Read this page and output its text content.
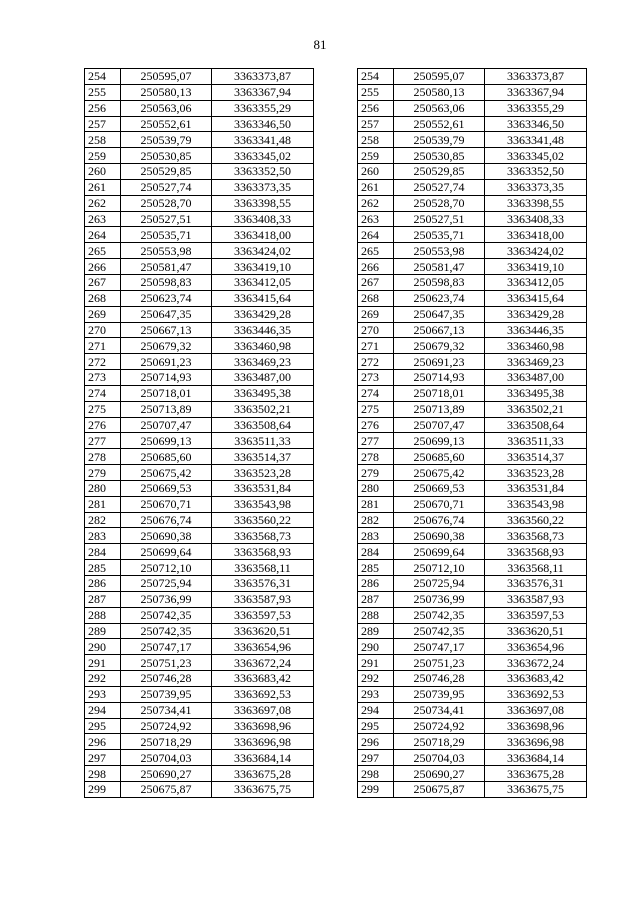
81
254	250595,07	3363373,87
255	250580,13	3363367,94
256	250563,06	3363355,29
257	250552,61	3363346,50
258	250539,79	3363341,48
259	250530,85	3363345,02
260	250529,85	3363352,50
261	250527,74	3363373,35
262	250528,70	3363398,55
263	250527,51	3363408,33
264	250535,71	3363418,00
265	250553,98	3363424,02
266	250581,47	3363419,10
267	250598,83	3363412,05
268	250623,74	3363415,64
269	250647,35	3363429,28
270	250667,13	3363446,35
271	250679,32	3363460,98
272	250691,23	3363469,23
273	250714,93	3363487,00
274	250718,01	3363495,38
275	250713,89	3363502,21
276	250707,47	3363508,64
277	250699,13	3363511,33
278	250685,60	3363514,37
279	250675,42	3363523,28
280	250669,53	3363531,84
281	250670,71	3363543,98
282	250676,74	3363560,22
283	250690,38	3363568,73
284	250699,64	3363568,93
285	250712,10	3363568,11
286	250725,94	3363576,31
287	250736,99	3363587,93
288	250742,35	3363597,53
289	250742,35	3363620,51
290	250747,17	3363654,96
291	250751,23	3363672,24
292	250746,28	3363683,42
293	250739,95	3363692,53
294	250734,41	3363697,08
295	250724,92	3363698,96
296	250718,29	3363696,98
297	250704,03	3363684,14
298	250690,27	3363675,28
299	250675,87	3363675,75
254	250595,07	3363373,87
255	250580,13	3363367,94
256	250563,06	3363355,29
257	250552,61	3363346,50
258	250539,79	3363341,48
259	250530,85	3363345,02
260	250529,85	3363352,50
261	250527,74	3363373,35
262	250528,70	3363398,55
263	250527,51	3363408,33
264	250535,71	3363418,00
265	250553,98	3363424,02
266	250581,47	3363419,10
267	250598,83	3363412,05
268	250623,74	3363415,64
269	250647,35	3363429,28
270	250667,13	3363446,35
271	250679,32	3363460,98
272	250691,23	3363469,23
273	250714,93	3363487,00
274	250718,01	3363495,38
275	250713,89	3363502,21
276	250707,47	3363508,64
277	250699,13	3363511,33
278	250685,60	3363514,37
279	250675,42	3363523,28
280	250669,53	3363531,84
281	250670,71	3363543,98
282	250676,74	3363560,22
283	250690,38	3363568,73
284	250699,64	3363568,93
285	250712,10	3363568,11
286	250725,94	3363576,31
287	250736,99	3363587,93
288	250742,35	3363597,53
289	250742,35	3363620,51
290	250747,17	3363654,96
291	250751,23	3363672,24
292	250746,28	3363683,42
293	250739,95	3363692,53
294	250734,41	3363697,08
295	250724,92	3363698,96
296	250718,29	3363696,98
297	250704,03	3363684,14
298	250690,27	3363675,28
299	250675,87	3363675,75
